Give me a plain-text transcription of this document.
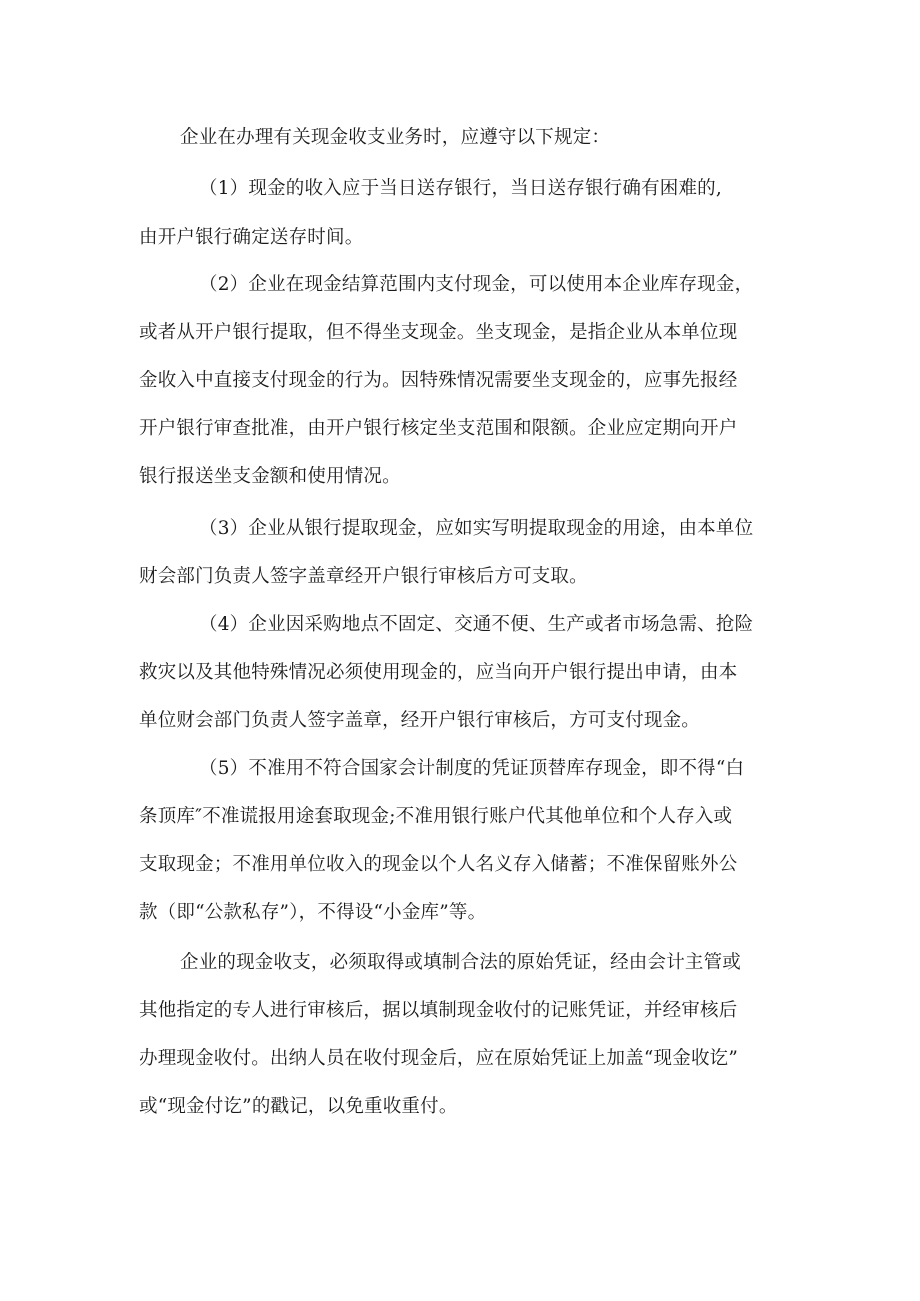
企业在办理有关现金收支业务时，应遵守以下规定：
（1）现金的收入应于当日送存银行，当日送存银行确有困难的,
由开户银行确定送存时间。
（2）企业在现金结算范围内支付现金，可以使用本企业库存现金，
或者从开户银行提取，但不得坐支现金。坐支现金，是指企业从本单位现
金收入中直接支付现金的行为。因特殊情况需要坐支现金的，应事先报经
开户银行审查批准，由开户银行核定坐支范围和限额。企业应定期向开户
银行报送坐支金额和使用情况。
（3）企业从银行提取现金，应如实写明提取现金的用途，由本单位
财会部门负责人签字盖章经开户银行审核后方可支取。
（4）企业因采购地点不固定、交通不便、生产或者市场急需、抢险
救灾以及其他特殊情况必须使用现金的，应当向开户银行提出申请，由本
单位财会部门负责人签字盖章，经开户银行审核后，方可支付现金。
（5）不准用不符合国家会计制度的凭证顶替库存现金，即不得“白
条顶库″不准谎报用途套取现金;不准用银行账户代其他单位和个人存入或
支取现金；不准用单位收入的现金以个人名义存入储蓄；不准保留账外公
款（即“公款私存”），不得设“小金库”等。
企业的现金收支，必须取得或填制合法的原始凭证，经由会计主管或
其他指定的专人进行审核后，据以填制现金收付的记账凭证，并经审核后
办理现金收付。出纳人员在收付现金后，应在原始凭证上加盖“现金收讫”
或“现金付讫”的戳记，以免重收重付。
